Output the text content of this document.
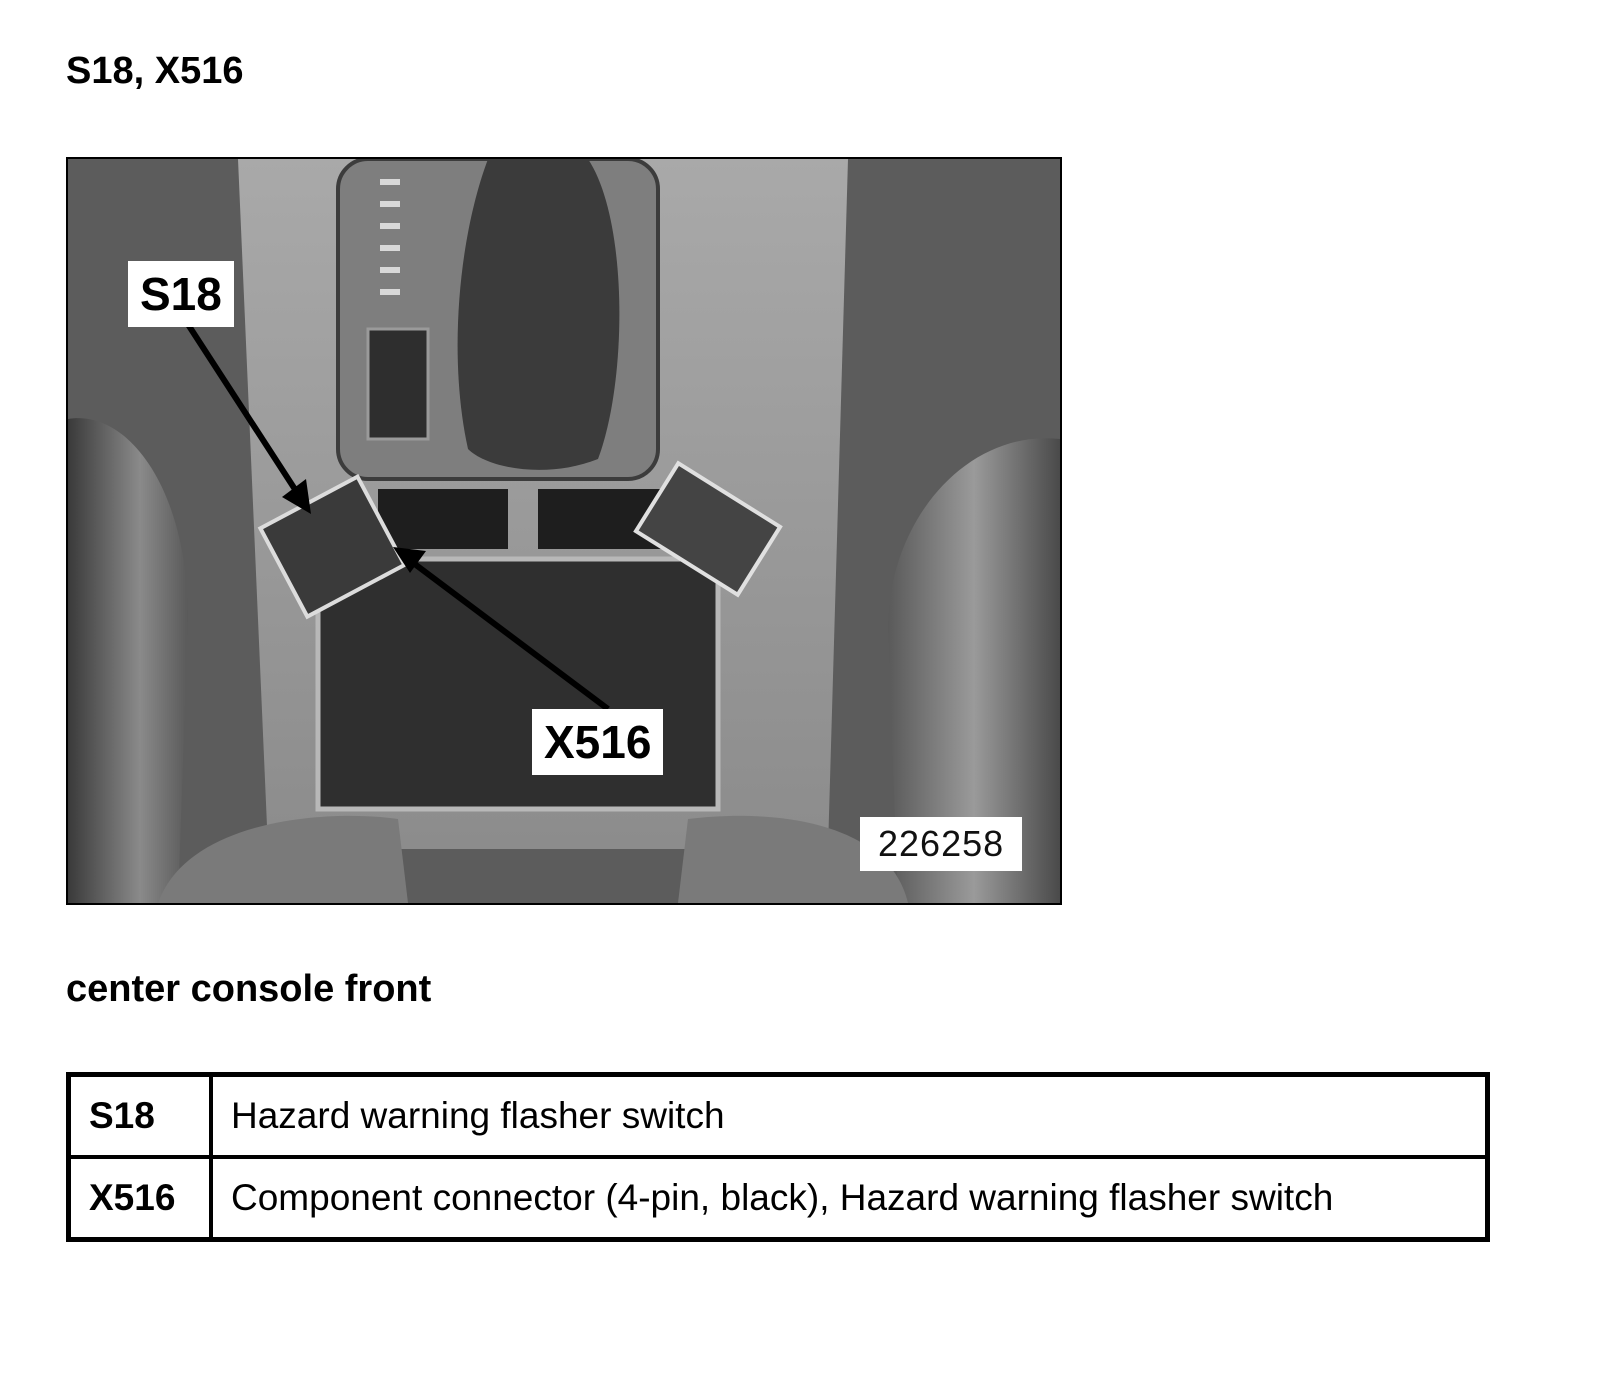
S18, X516
S18
X516
226258
center console front
S18	Hazard warning flasher switch
X516	Component connector (4-pin, black), Hazard warning flasher switch
